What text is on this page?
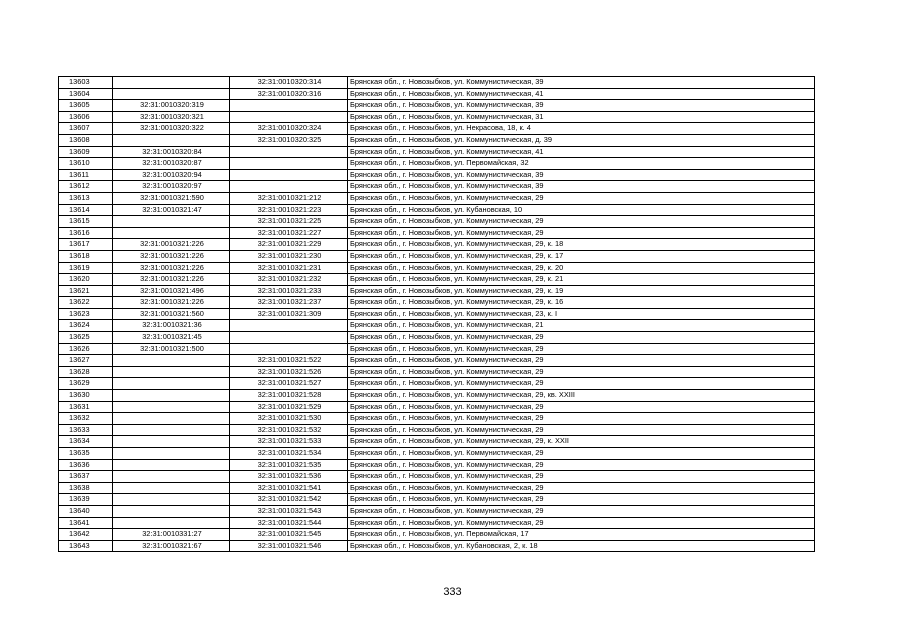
13603		32:31:0010320:314	Брянская обл., г. Новозыбков, ул. Коммунистическая, 39
13604		32:31:0010320:316	Брянская обл., г. Новозыбков, ул. Коммунистическая, 41
13605	32:31:0010320:319		Брянская обл., г. Новозыбков, ул. Коммунистическая, 39
13606	32:31:0010320:321		Брянская обл., г. Новозыбков, ул. Коммунистическая, 31
13607	32:31:0010320:322	32:31:0010320:324	Брянская обл., г. Новозыбков, ул. Некрасова, 18, к. 4
13608		32:31:0010320:325	Брянская обл., г. Новозыбков, ул. Коммунистическая, д. 39
13609	32:31:0010320:84		Брянская обл., г. Новозыбков, ул. Коммунистическая, 41
13610	32:31:0010320:87		Брянская обл., г. Новозыбков, ул. Первомайская, 32
13611	32:31:0010320:94		Брянская обл., г. Новозыбков, ул. Коммунистическая, 39
13612	32:31:0010320:97		Брянская обл., г. Новозыбков, ул. Коммунистическая, 39
13613	32:31:0010321:590	32:31:0010321:212	Брянская обл., г. Новозыбков, ул. Коммунистическая, 29
13614	32:31:0010321:47	32:31:0010321:223	Брянская обл., г. Новозыбков, ул. Кубановская, 10
13615		32:31:0010321:225	Брянская обл., г. Новозыбков, ул. Коммунистическая, 29
13616		32:31:0010321:227	Брянская обл., г. Новозыбков, ул. Коммунистическая, 29
13617	32:31:0010321:226	32:31:0010321:229	Брянская обл., г. Новозыбков, ул. Коммунистическая, 29, к. 18
13618	32:31:0010321:226	32:31:0010321:230	Брянская обл., г. Новозыбков, ул. Коммунистическая, 29, к. 17
13619	32:31:0010321:226	32:31:0010321:231	Брянская обл., г. Новозыбков, ул. Коммунистическая, 29, к. 20
13620	32:31:0010321:226	32:31:0010321:232	Брянская обл., г. Новозыбков, ул. Коммунистическая, 29, к. 21
13621	32:31:0010321:496	32:31:0010321:233	Брянская обл., г. Новозыбков, ул. Коммунистическая, 29, к. 19
13622	32:31:0010321:226	32:31:0010321:237	Брянская обл., г. Новозыбков, ул. Коммунистическая, 29, к. 16
13623	32:31:0010321:560	32:31:0010321:309	Брянская обл., г. Новозыбков, ул. Коммунистическая, 23, к. I
13624	32:31:0010321:36		Брянская обл., г. Новозыбков, ул. Коммунистическая, 21
13625	32:31:0010321:45		Брянская обл., г. Новозыбков, ул. Коммунистическая, 29
13626	32:31:0010321:500		Брянская обл., г. Новозыбков, ул. Коммунистическая, 29
13627		32:31:0010321:522	Брянская обл., г. Новозыбков, ул. Коммунистическая, 29
13628		32:31:0010321:526	Брянская обл., г. Новозыбков, ул. Коммунистическая, 29
13629		32:31:0010321:527	Брянская обл., г. Новозыбков, ул. Коммунистическая, 29
13630		32:31:0010321:528	Брянская обл., г. Новозыбков, ул. Коммунистическая, 29, кв. XXIII
13631		32:31:0010321:529	Брянская обл., г. Новозыбков, ул. Коммунистическая, 29
13632		32:31:0010321:530	Брянская обл., г. Новозыбков, ул. Коммунистическая, 29
13633		32:31:0010321:532	Брянская обл., г. Новозыбков, ул. Коммунистическая, 29
13634		32:31:0010321:533	Брянская обл., г. Новозыбков, ул. Коммунистическая, 29, к. XXII
13635		32:31:0010321:534	Брянская обл., г. Новозыбков, ул. Коммунистическая, 29
13636		32:31:0010321:535	Брянская обл., г. Новозыбков, ул. Коммунистическая, 29
13637		32:31:0010321:536	Брянская обл., г. Новозыбков, ул. Коммунистическая, 29
13638		32:31:0010321:541	Брянская обл., г. Новозыбков, ул. Коммунистическая, 29
13639		32:31:0010321:542	Брянская обл., г. Новозыбков, ул. Коммунистическая, 29
13640		32:31:0010321:543	Брянская обл., г. Новозыбков, ул. Коммунистическая, 29
13641		32:31:0010321:544	Брянская обл., г. Новозыбков, ул. Коммунистическая, 29
13642	32:31:0010331:27	32:31:0010321:545	Брянская обл., г. Новозыбков, ул. Первомайская, 17
13643	32:31:0010321:67	32:31:0010321:546	Брянская обл., г. Новозыбков, ул. Кубановская, 2, к. 18
333
